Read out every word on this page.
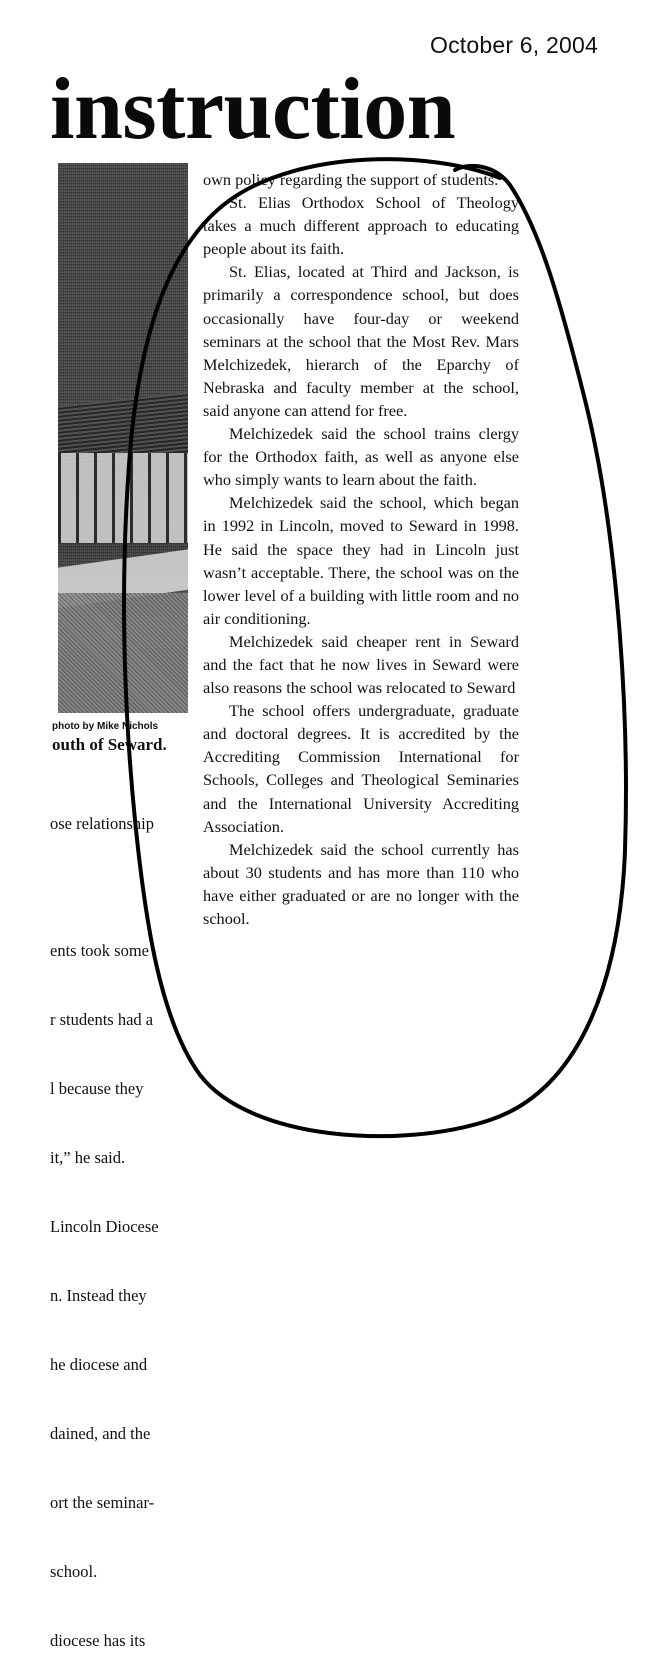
October 6, 2004
instruction
photo by Mike Nichols
outh of Seward.

ose relationship

ents took some

r students had a

l because they

it,” he said.

Lincoln Diocese

n. Instead they

he diocese and

dained, and the

ort the seminar-

school.

diocese has its

own policy regarding the support of students.

St. Elias Orthodox School of Theology takes a much different approach to educating people about its faith.

St. Elias, located at Third and Jackson, is primarily a correspondence school, but does occasionally have four-day or weekend seminars at the school that the Most Rev. Mars Melchizedek, hierarch of the Eparchy of Nebraska and faculty member at the school, said anyone can attend for free.

Melchizedek said the school trains clergy for the Orthodox faith, as well as anyone else who simply wants to learn about the faith.

Melchizedek said the school, which began in 1992 in Lincoln, moved to Seward in 1998. He said the space they had in Lincoln just wasn’t acceptable. There, the school was on the lower level of a building with little room and no air conditioning.

Melchizedek said cheaper rent in Seward and the fact that he now lives in Seward were also reasons the school was relocated to Seward

The school offers undergraduate, graduate and doctoral degrees. It is accredited by the Accrediting Commission International for Schools, Colleges and Theological Seminaries and the International University Accrediting Association.

Melchizedek said the school currently has about 30 students and has more than 110 who have either graduated or are no longer with the school.
